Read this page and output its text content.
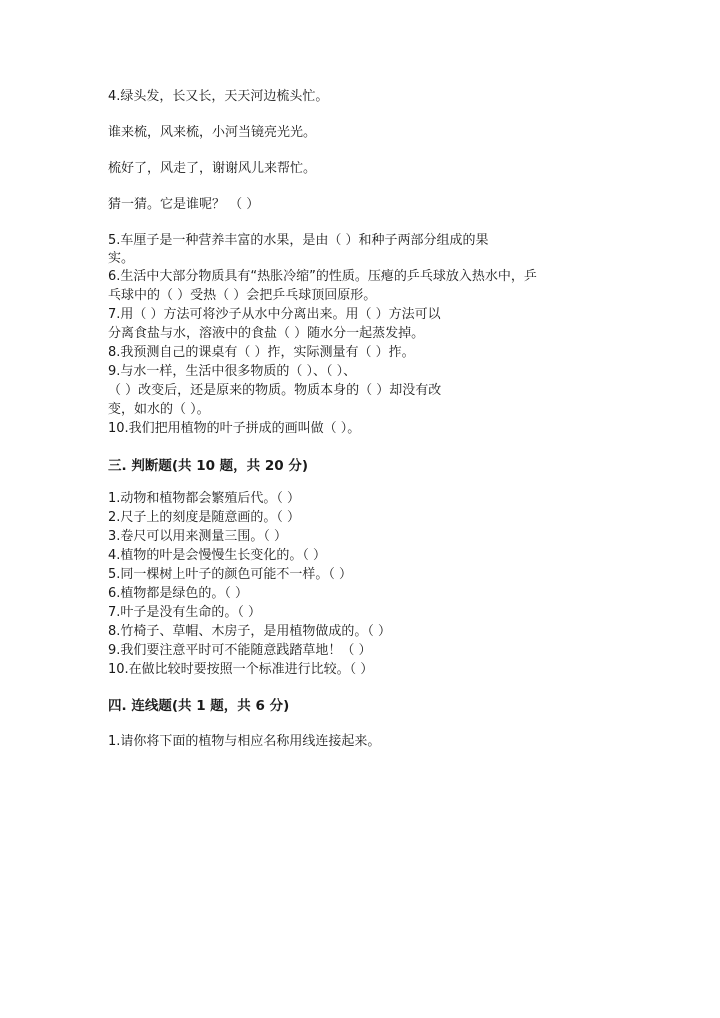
4.绿头发，长又长，天天河边梳头忙。
谁来梳，风来梳，小河当镜亮光光。
梳好了，风走了，谢谢风儿来帮忙。
猜一猜。它是谁呢？ （ ）
5.车厘子是一种营养丰富的水果，是由（ ）和种子两部分组成的果
实。
6.生活中大部分物质具有“热胀冷缩”的性质。压瘪的乒乓球放入热水中，乒
乓球中的（ ）受热（ ）会把乒乓球顶回原形。
7.用（ ）方法可将沙子从水中分离出来。用（ ）方法可以
分离食盐与水，溶液中的食盐（ ）随水分一起蒸发掉。
8.我预测自己的课桌有（ ）拃，实际测量有（ ）拃。
9.与水一样，生活中很多物质的（ ）、（ ）、
（ ）改变后，还是原来的物质。物质本身的（ ）却没有改
变，如水的（ ）。
10.我们把用植物的叶子拼成的画叫做（ ）。
三. 判断题(共 10 题，共 20 分)
1.动物和植物都会繁殖后代。（ ）
2.尺子上的刻度是随意画的。（ ）
3.卷尺可以用来测量三围。（ ）
4.植物的叶是会慢慢生长变化的。（ ）
5.同一棵树上叶子的颜色可能不一样。（ ）
6.植物都是绿色的。（ ）
7.叶子是没有生命的。（ ）
8.竹椅子、草帽、木房子，是用植物做成的。（ ）
9.我们要注意平时可不能随意践踏草地！（ ）
10.在做比较时要按照一个标准进行比较。（ ）
四. 连线题(共 1 题，共 6 分)
1.请你将下面的植物与相应名称用线连接起来。
